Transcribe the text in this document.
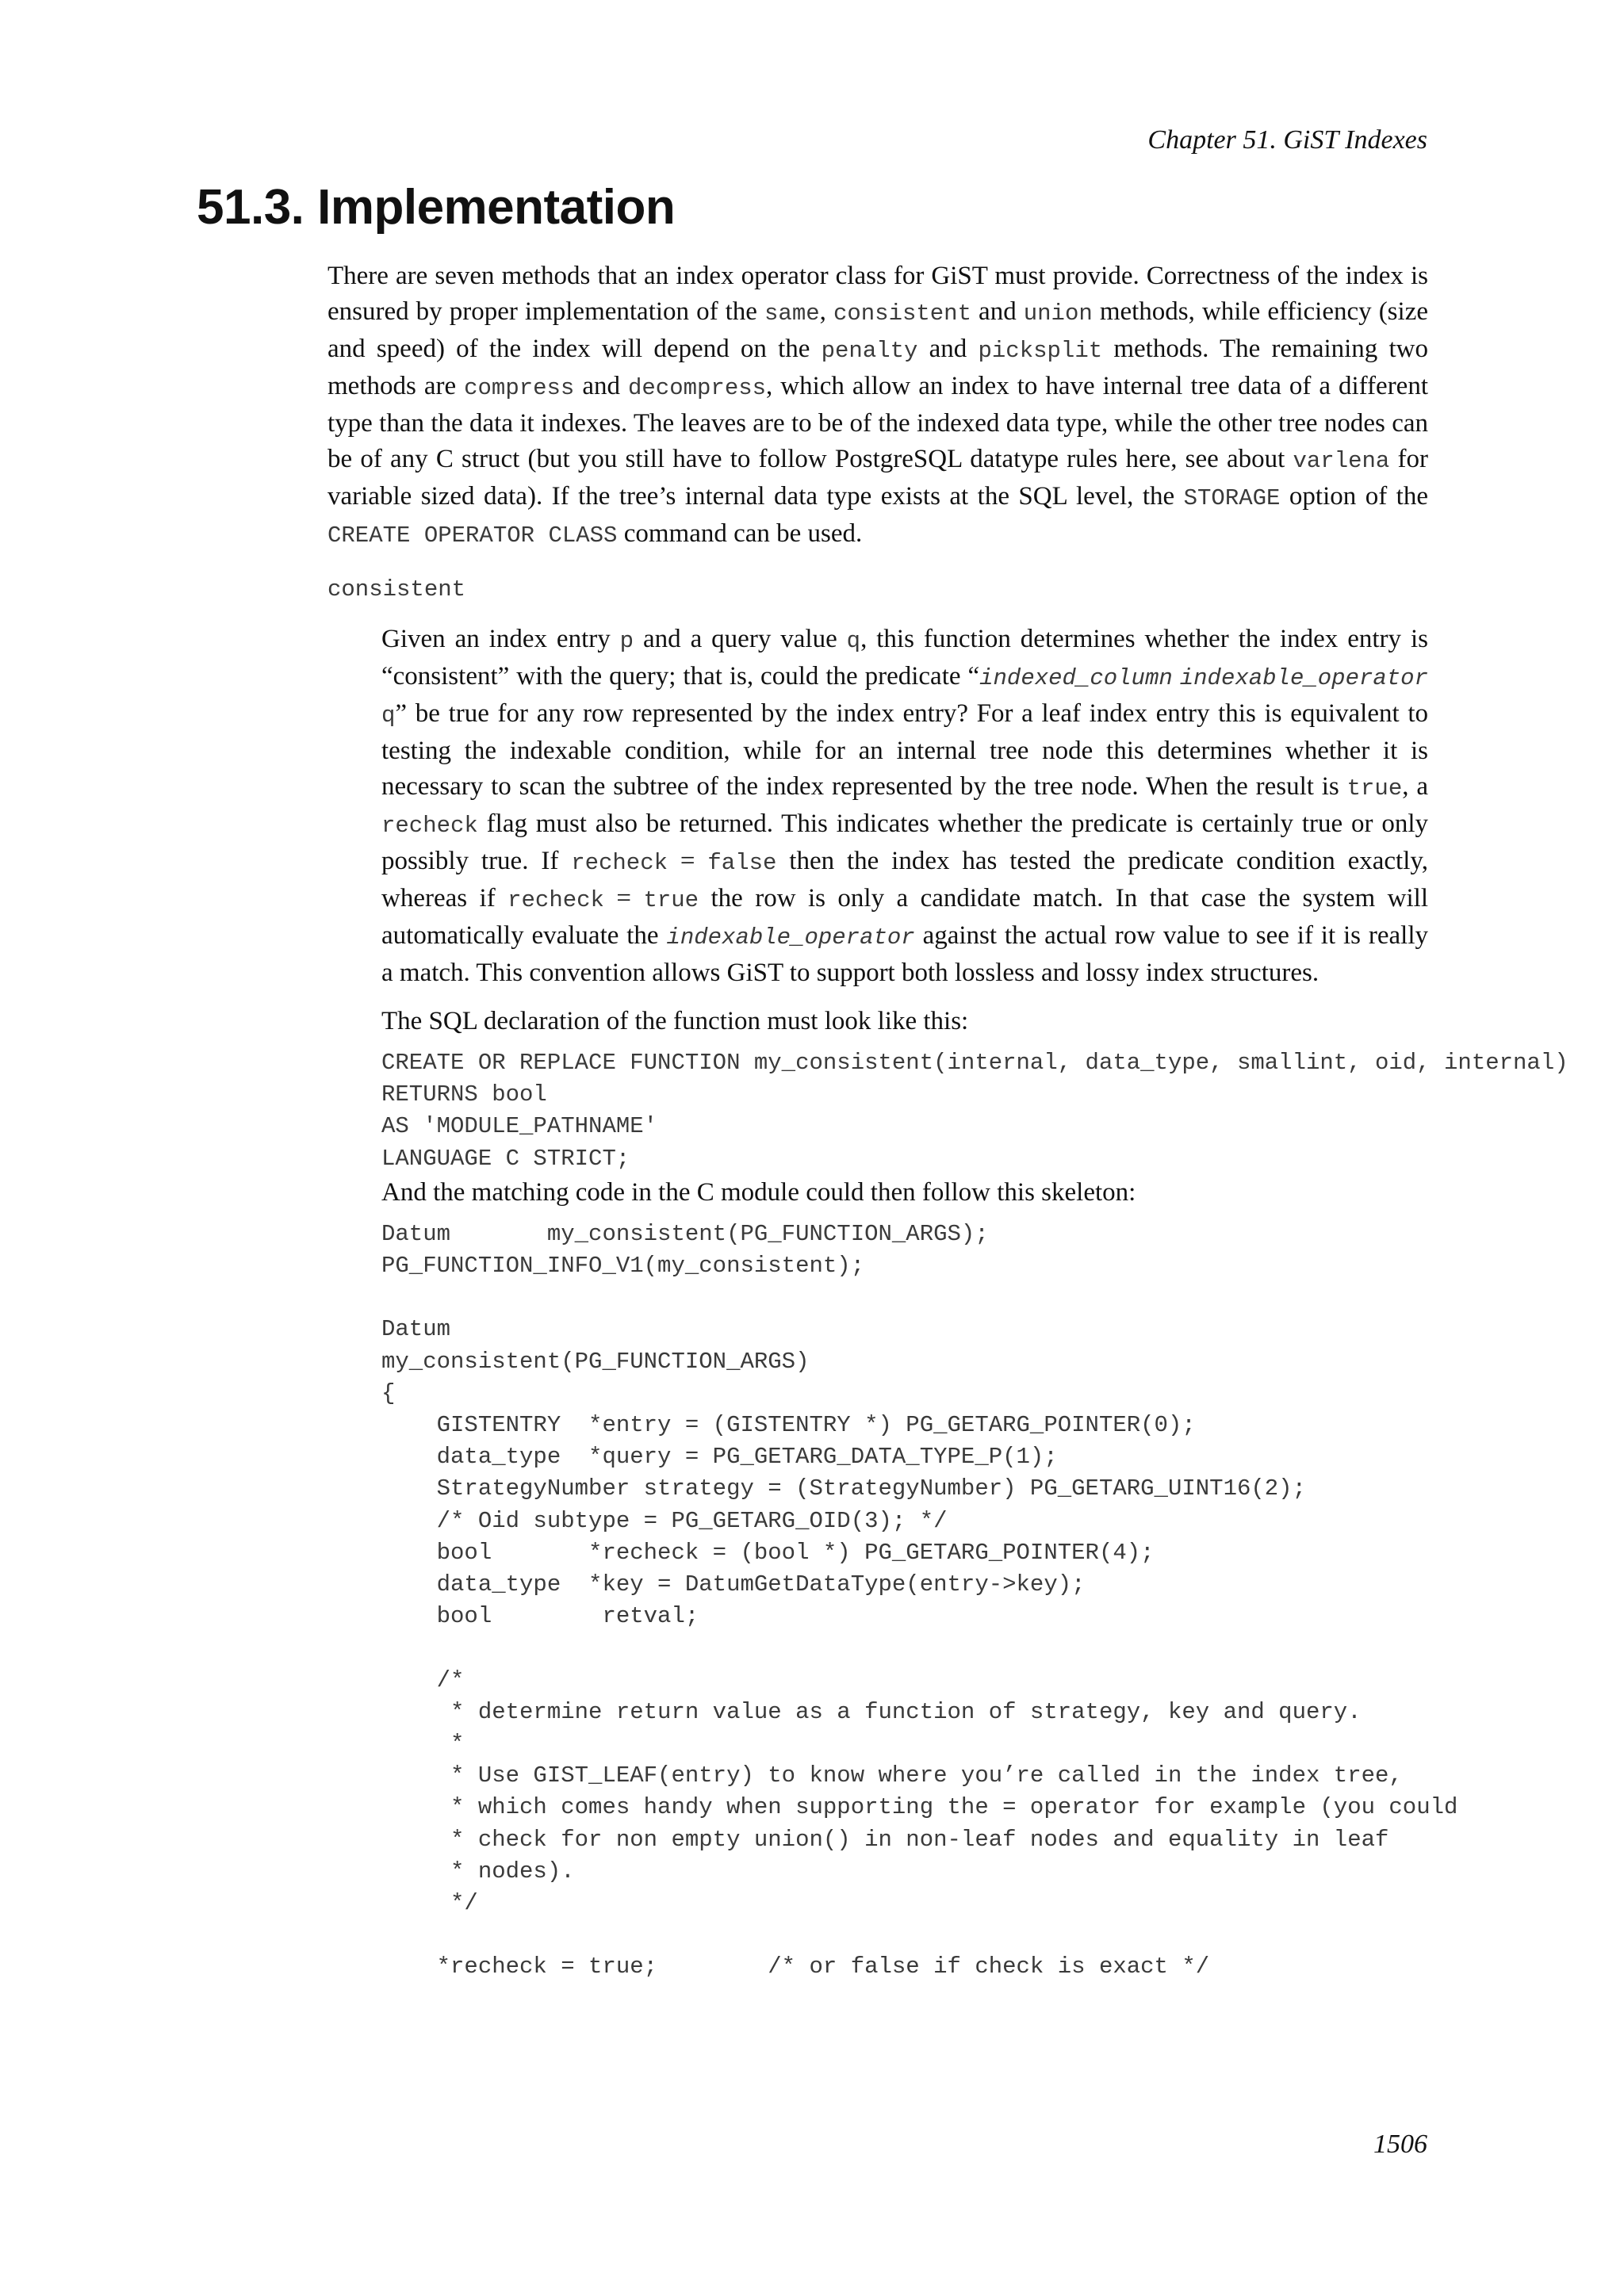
Chapter 51. GiST Indexes
51.3. Implementation

There are seven methods that an index operator class for GiST must provide. Correctness of the index is ensured by proper implementation of the same, consistent and union methods, while efficiency (size and speed) of the index will depend on the penalty and picksplit methods. The remaining two methods are compress and decompress, which allow an index to have internal tree data of a different type than the data it indexes. The leaves are to be of the indexed data type, while the other tree nodes can be of any C struct (but you still have to follow PostgreSQL datatype rules here, see about varlena for variable sized data). If the tree’s internal data type exists at the SQL level, the STORAGE option of the CREATE OPERATOR CLASS command can be used.

consistent

Given an index entry p and a query value q, this function determines whether the index entry is “consistent” with the query; that is, could the predicate “indexed_column indexable_operator q” be true for any row represented by the index entry? For a leaf index entry this is equivalent to testing the indexable condition, while for an internal tree node this determines whether it is necessary to scan the subtree of the index represented by the tree node. When the result is true, a recheck flag must also be returned. This indicates whether the predicate is certainly true or only possibly true. If recheck = false then the index has tested the predicate condition exactly, whereas if recheck = true the row is only a candidate match. In that case the system will automatically evaluate the indexable_operator against the actual row value to see if it is really a match. This convention allows GiST to support both lossless and lossy index structures.

The SQL declaration of the function must look like this:

CREATE OR REPLACE FUNCTION my_consistent(internal, data_type, smallint, oid, internal)
RETURNS bool
AS 'MODULE_PATHNAME'
LANGUAGE C STRICT;

And the matching code in the C module could then follow this skeleton:

Datum       my_consistent(PG_FUNCTION_ARGS);
PG_FUNCTION_INFO_V1(my_consistent);

Datum
my_consistent(PG_FUNCTION_ARGS)
{
GISTENTRY  *entry = (GISTENTRY *) PG_GETARG_POINTER(0);
data_type  *query = PG_GETARG_DATA_TYPE_P(1);
StrategyNumber strategy = (StrategyNumber) PG_GETARG_UINT16(2);
/* Oid subtype = PG_GETARG_OID(3); */
bool       *recheck = (bool *) PG_GETARG_POINTER(4);
data_type  *key = DatumGetDataType(entry->key);
bool        retval;

/*
* determine return value as a function of strategy, key and query.
*
* Use GIST_LEAF(entry) to know where you’re called in the index tree,
* which comes handy when supporting the = operator for example (you could
* check for non empty union() in non-leaf nodes and equality in leaf
* nodes).
*/

*recheck = true;        /* or false if check is exact */
1506
